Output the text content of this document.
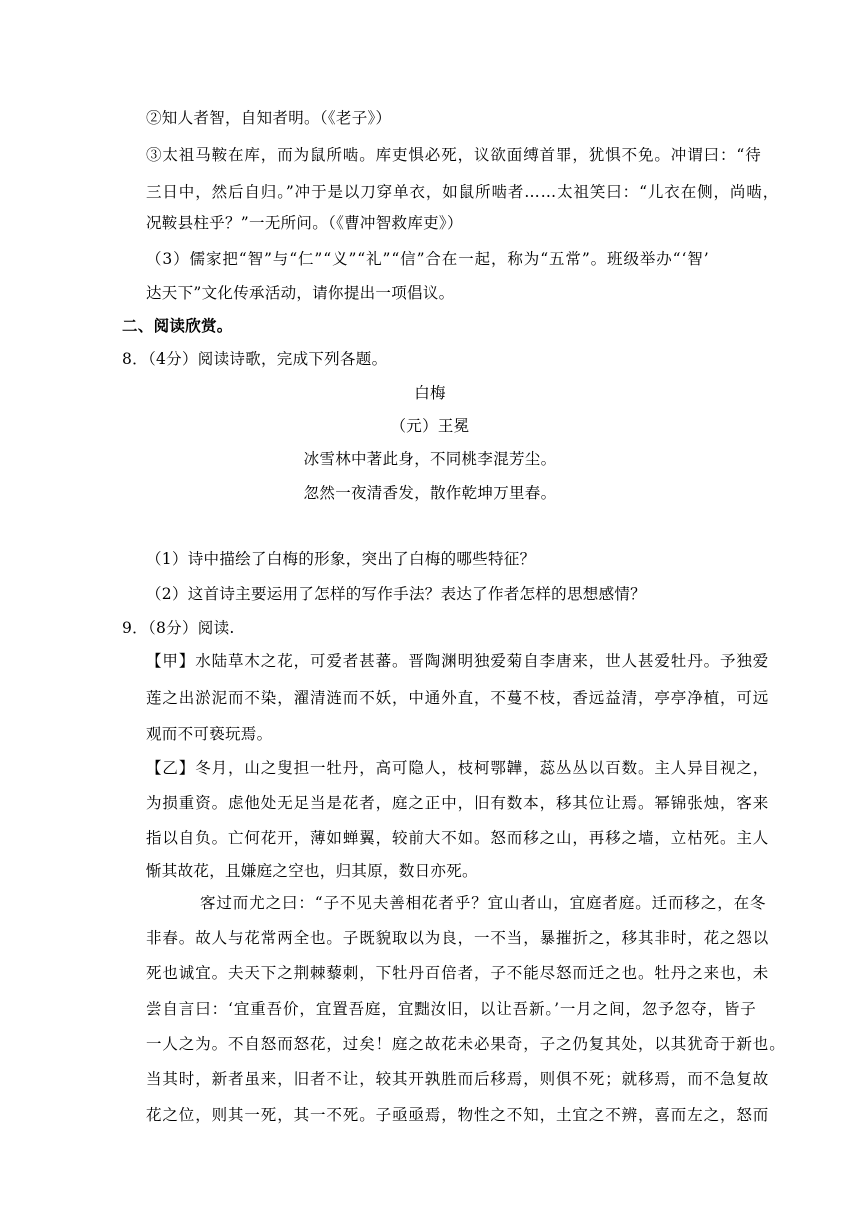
②知人者智，自知者明。（《老子》）
③太祖马鞍在库，而为鼠所啮。库吏惧必死，议欲面缚首罪，犹惧不免。冲谓曰：“待
三日中，然后自归。”冲于是以刀穿单衣，如鼠所啮者……太祖笑曰：“儿衣在侧，尚啮，
况鞍县柱乎？”一无所问。（《曹冲智救库吏》）
（3）儒家把“智”与“仁”“义”“礼”“信”合在一起，称为“五常”。班级举办“‘智’
达天下”文化传承活动，请你提出一项倡议。
二、阅读欣赏。
8．（4分）阅读诗歌，完成下列各题。
白梅
（元）王冕
冰雪林中著此身，不同桃李混芳尘。
忽然一夜清香发，散作乾坤万里春。
（1）诗中描绘了白梅的形象，突出了白梅的哪些特征？
（2）这首诗主要运用了怎样的写作手法？表达了作者怎样的思想感情？
9．（8分）阅读.
【甲】水陆草木之花，可爱者甚蕃。晋陶渊明独爱菊自李唐来，世人甚爱牡丹。予独爱
莲之出淤泥而不染，濯清涟而不妖，中通外直，不蔓不枝，香远益清，亭亭净植，可远
观而不可亵玩焉。
【乙】冬月，山之叟担一牡丹，高可隐人，枝柯鄂韡，蕊丛丛以百数。主人异目视之，
为损重资。虑他处无足当是花者，庭之正中，旧有数本，移其位让焉。幂锦张烛，客来
指以自负。亡何花开，薄如蝉翼，较前大不如。怒而移之山，再移之墙，立枯死。主人
惭其故花，且嫌庭之空也，归其原，数日亦死。
客过而尤之曰：“子不见夫善相花者乎？宜山者山，宜庭者庭。迁而移之，在冬
非春。故人与花常两全也。子既貌取以为良，一不当，暴摧折之，移其非时，花之怨以
死也诚宜。夫天下之荆棘藜刺，下牡丹百倍者，子不能尽怒而迁之也。牡丹之来也，未
尝自言曰：‘宜重吾价，宜置吾庭，宜黜汝旧，以让吾新。’一月之间，忽予忽夺，皆子
一人之为。不自怒而怒花，过矣！庭之故花未必果奇，子之仍复其处，以其犹奇于新也。
当其时，新者虽来，旧者不让，较其开孰胜而后移焉，则俱不死；就移焉，而不急复故
花之位，则其一死，其一不死。子亟亟焉，物性之不知，土宜之不辨，喜而左之，怒而
